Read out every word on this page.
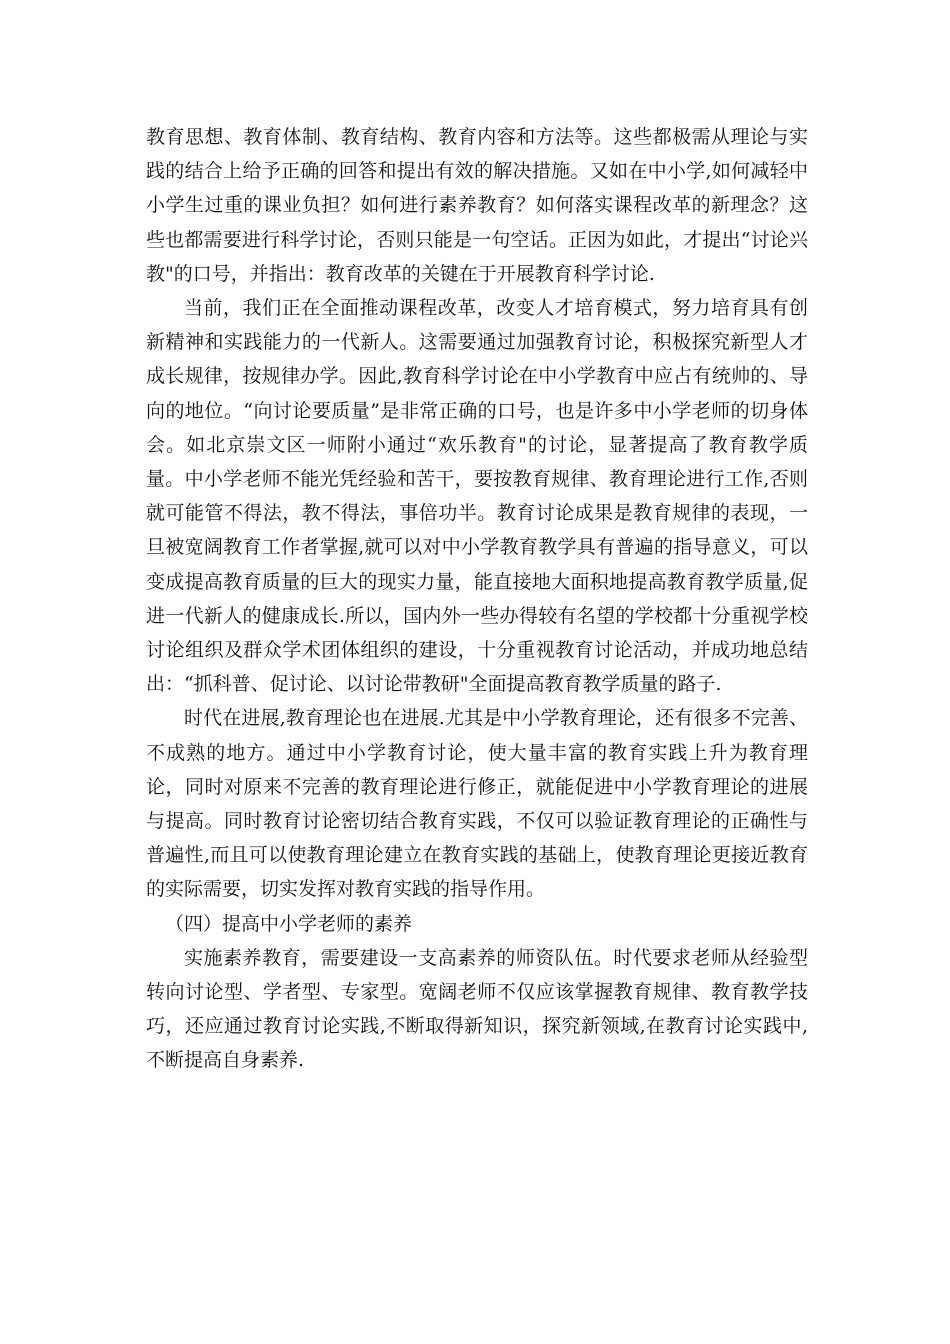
教育思想、教育体制、教育结构、教育内容和方法等。这些都极需从理论与实践的结合上给予正确的回答和提出有效的解决措施。又如在中小学,如何减轻中小学生过重的课业负担？如何进行素养教育？如何落实课程改革的新理念？这些也都需要进行科学讨论，否则只能是一句空话。正因为如此，才提出“讨论兴教"的口号，并指出：教育改革的关键在于开展教育科学讨论.

当前，我们正在全面推动课程改革，改变人才培育模式，努力培育具有创新精神和实践能力的一代新人。这需要通过加强教育讨论，积极探究新型人才成长规律，按规律办学。因此,教育科学讨论在中小学教育中应占有统帅的、导向的地位。“向讨论要质量”是非常正确的口号，也是许多中小学老师的切身体会。如北京崇文区一师附小通过“欢乐教育"的讨论，显著提高了教育教学质量。中小学老师不能光凭经验和苦干，要按教育规律、教育理论进行工作,否则就可能管不得法，教不得法，事倍功半。教育讨论成果是教育规律的表现，一旦被宽阔教育工作者掌握,就可以对中小学教育教学具有普遍的指导意义，可以变成提高教育质量的巨大的现实力量，能直接地大面积地提高教育教学质量,促进一代新人的健康成长.所以，国内外一些办得较有名望的学校都十分重视学校讨论组织及群众学术团体组织的建设，十分重视教育讨论活动，并成功地总结出：“抓科普、促讨论、以讨论带教研"全面提高教育教学质量的路子.

时代在进展,教育理论也在进展.尤其是中小学教育理论，还有很多不完善、不成熟的地方。通过中小学教育讨论，使大量丰富的教育实践上升为教育理论，同时对原来不完善的教育理论进行修正，就能促进中小学教育理论的进展与提高。同时教育讨论密切结合教育实践，不仅可以验证教育理论的正确性与普遍性,而且可以使教育理论建立在教育实践的基础上，使教育理论更接近教育的实际需要，切实发挥对教育实践的指导作用。

（四）提高中小学老师的素养

实施素养教育，需要建设一支高素养的师资队伍。时代要求老师从经验型转向讨论型、学者型、专家型。宽阔老师不仅应该掌握教育规律、教育教学技巧，还应通过教育讨论实践,不断取得新知识，探究新领域,在教育讨论实践中,不断提高自身素养.
